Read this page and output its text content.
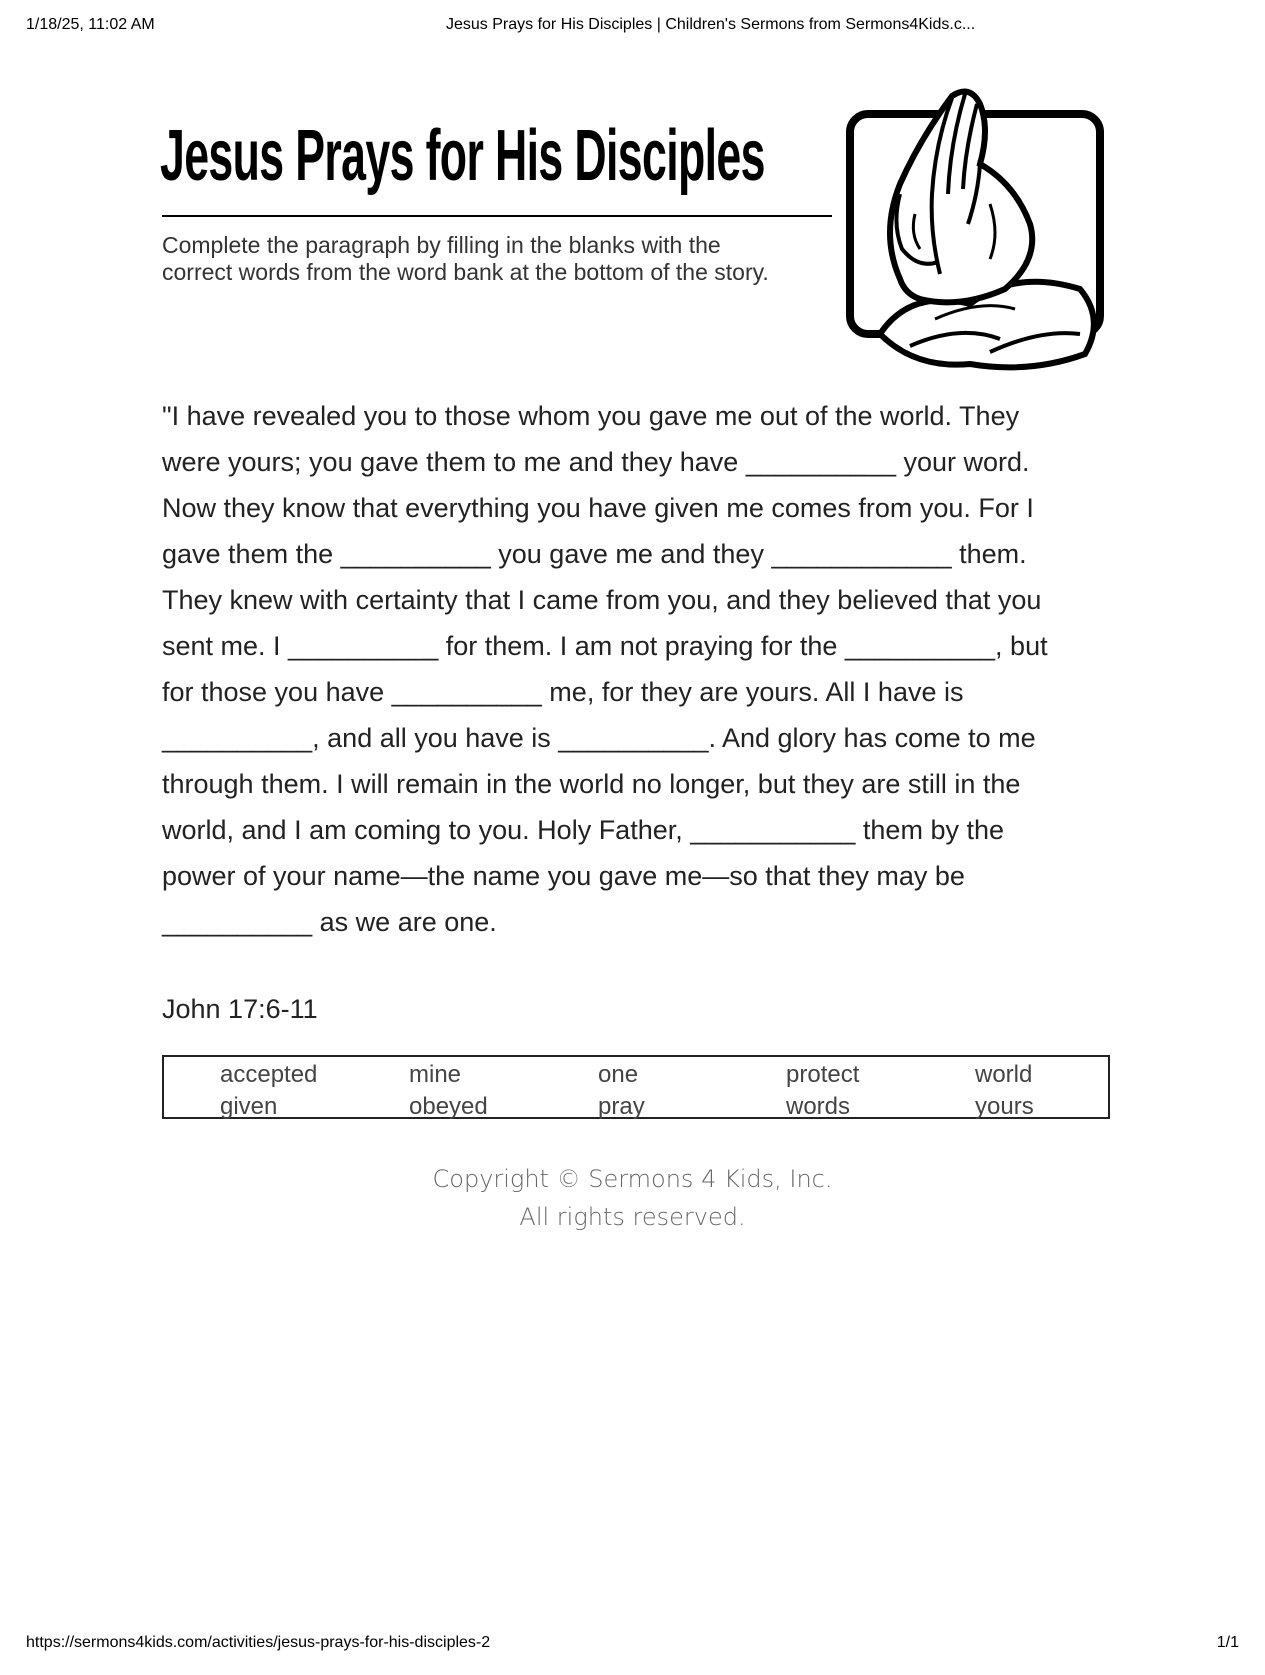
1/18/25, 11:02 AM	Jesus Prays for His Disciples | Children's Sermons from Sermons4Kids.c...
Jesus Prays for His Disciples
Complete the paragraph by filling in the blanks with the
correct words from the word bank at the bottom of the story.
"I have revealed you to those whom you gave me out of the world. They
were yours; you gave them to me and they have __________ your word.
Now they know that everything you have given me comes from you. For I
gave them the __________ you gave me and they ____________ them.
They knew with certainty that I came from you, and they believed that you
sent me. I __________ for them. I am not praying for the __________, but
for those you have __________ me, for they are yours. All I have is
__________, and all you have is __________. And glory has come to me
through them. I will remain in the world no longer, but they are still in the
world, and I am coming to you. Holy Father, ___________ them by the
power of your name—the name you gave me—so that they may be
__________ as we are one.
John 17:6-11
accepted
given
mine
obeyed
one
pray
protect
words
world
yours
Copyright © Sermons 4 Kids, Inc.
All rights reserved.
https://sermons4kids.com/activities/jesus-prays-for-his-disciples-2	1/1
